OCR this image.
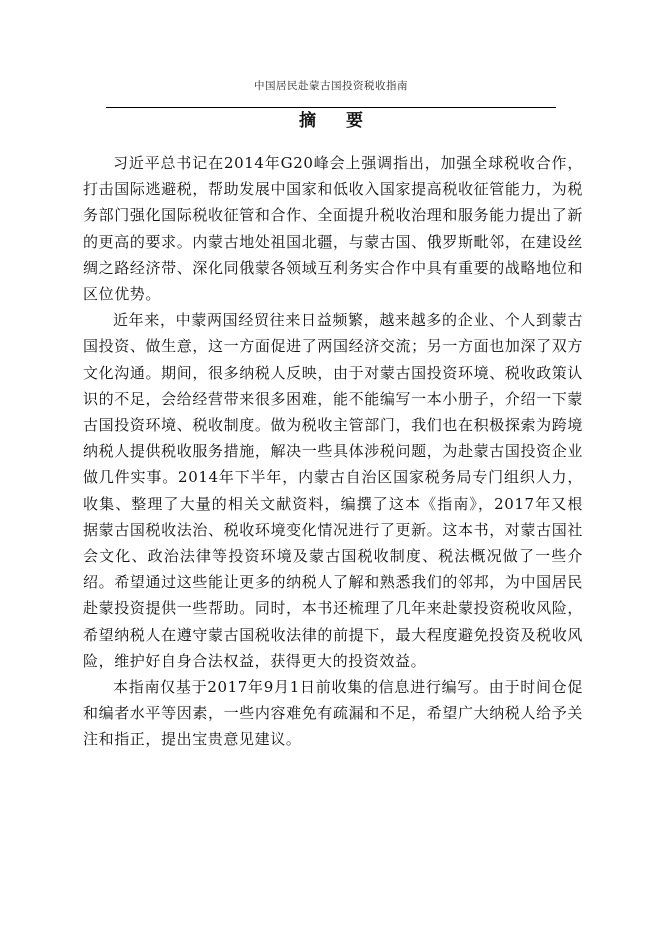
中国居民赴蒙古国投资税收指南
摘 要

习近平总书记在2014年G20峰会上强调指出，加强全球税收合作，打击国际逃避税，帮助发展中国家和低收入国家提高税收征管能力，为税务部门强化国际税收征管和合作、全面提升税收治理和服务能力提出了新的更高的要求。内蒙古地处祖国北疆，与蒙古国、俄罗斯毗邻，在建设丝绸之路经济带、深化同俄蒙各领域互利务实合作中具有重要的战略地位和区位优势。

近年来，中蒙两国经贸往来日益频繁，越来越多的企业、个人到蒙古国投资、做生意，这一方面促进了两国经济交流；另一方面也加深了双方文化沟通。期间，很多纳税人反映，由于对蒙古国投资环境、税收政策认识的不足，会给经营带来很多困难，能不能编写一本小册子，介绍一下蒙古国投资环境、税收制度。做为税收主管部门，我们也在积极探索为跨境纳税人提供税收服务措施，解决一些具体涉税问题，为赴蒙古国投资企业做几件实事。2014年下半年，内蒙古自治区国家税务局专门组织人力，收集、整理了大量的相关文献资料，编撰了这本《指南》，2017年又根据蒙古国税收法治、税收环境变化情况进行了更新。这本书，对蒙古国社会文化、政治法律等投资环境及蒙古国税收制度、税法概况做了一些介绍。希望通过这些能让更多的纳税人了解和熟悉我们的邻邦，为中国居民赴蒙投资提供一些帮助。同时，本书还梳理了几年来赴蒙投资税收风险，希望纳税人在遵守蒙古国税收法律的前提下，最大程度避免投资及税收风险，维护好自身合法权益，获得更大的投资效益。

本指南仅基于2017年9月1日前收集的信息进行编写。由于时间仓促和编者水平等因素，一些内容难免有疏漏和不足，希望广大纳税人给予关注和指正，提出宝贵意见建议。
